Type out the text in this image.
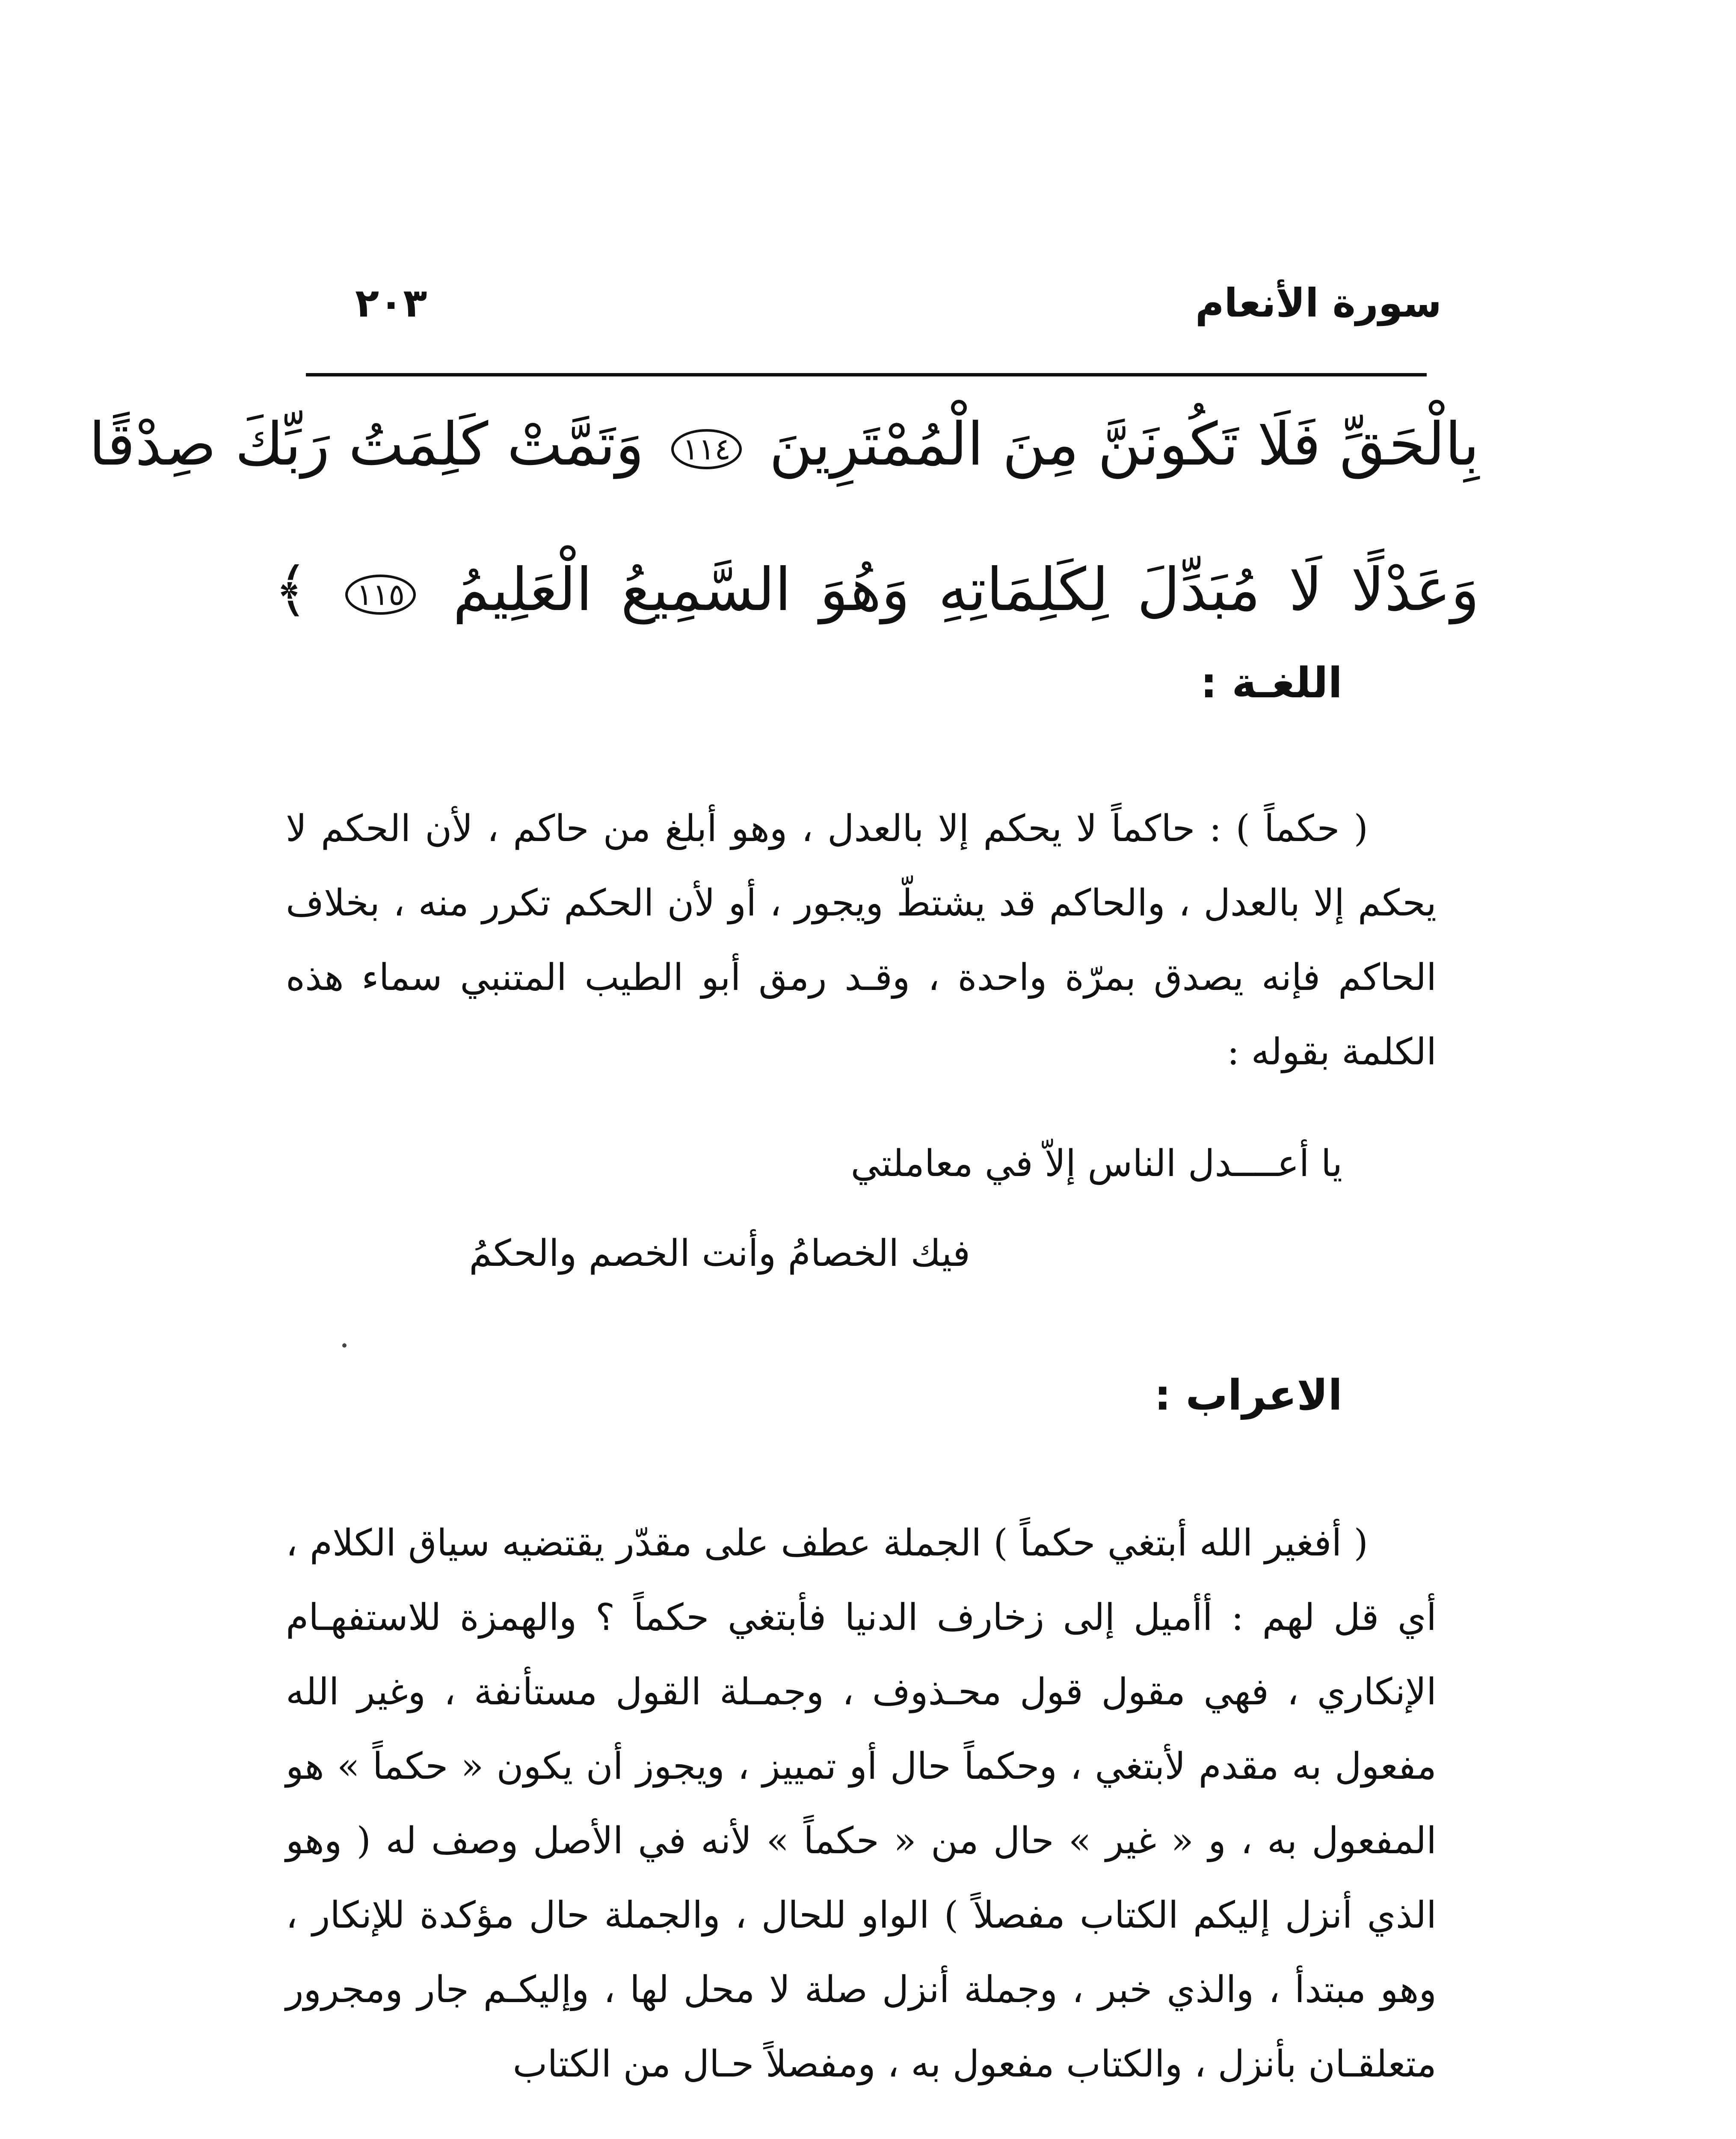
سورة الأنعام
٢٠٣
بِالْحَقِّ فَلَا تَكُونَنَّ مِنَ الْمُمْتَرِينَ ١١٤ وَتَمَّتْ كَلِمَتُ رَبِّكَ صِدْقًا
وَعَدْلًا لَا مُبَدِّلَ لِكَلِمَاتِهِ وَهُوَ السَّمِيعُ الْعَلِيمُ ١١٥ ﴾
اللغـة :

( حكماً ) : حاكماً لا يحكم إلا بالعدل ، وهو أبلغ من حاكم ، لأن الحكم لا يحكم إلا بالعدل ، والحاكم قد يشتطّ ويجور ، أو لأن الحكم تكرر منه ، بخلاف الحاكم فإنه يصدق بمرّة واحدة ، وقـد رمق أبو الطيب المتنبي سماء هذه الكلمة بقوله :

يا أعــــدل الناس إلاّ في معاملتي
فيك الخصامُ وأنت الخصم والحكمُ
الاعراب :

( أفغير الله أبتغي حكماً ) الجملة عطف على مقدّر يقتضيه سياق الكلام ، أي قل لهم : أأميل إلى زخارف الدنيا فأبتغي حكماً ؟ والهمزة للاستفهـام الإنكاري ، فهي مقول قول محـذوف ، وجمـلة القول مستأنفة ، وغير الله مفعول به مقدم لأبتغي ، وحكماً حال أو تمييز ، ويجوز أن يكون « حكماً » هو المفعول به ، و « غير » حال من « حكماً » لأنه في الأصل وصف له ( وهو الذي أنزل إليكم الكتاب مفصلاً ) الواو للحال ، والجملة حال مؤكدة للإنكار ، وهو مبتدأ ، والذي خبر ، وجملة أنزل صلة لا محل لها ، وإليكـم جار ومجرور متعلقـان بأنزل ، والكتاب مفعول به ، ومفصلاً حـال من الكتاب
